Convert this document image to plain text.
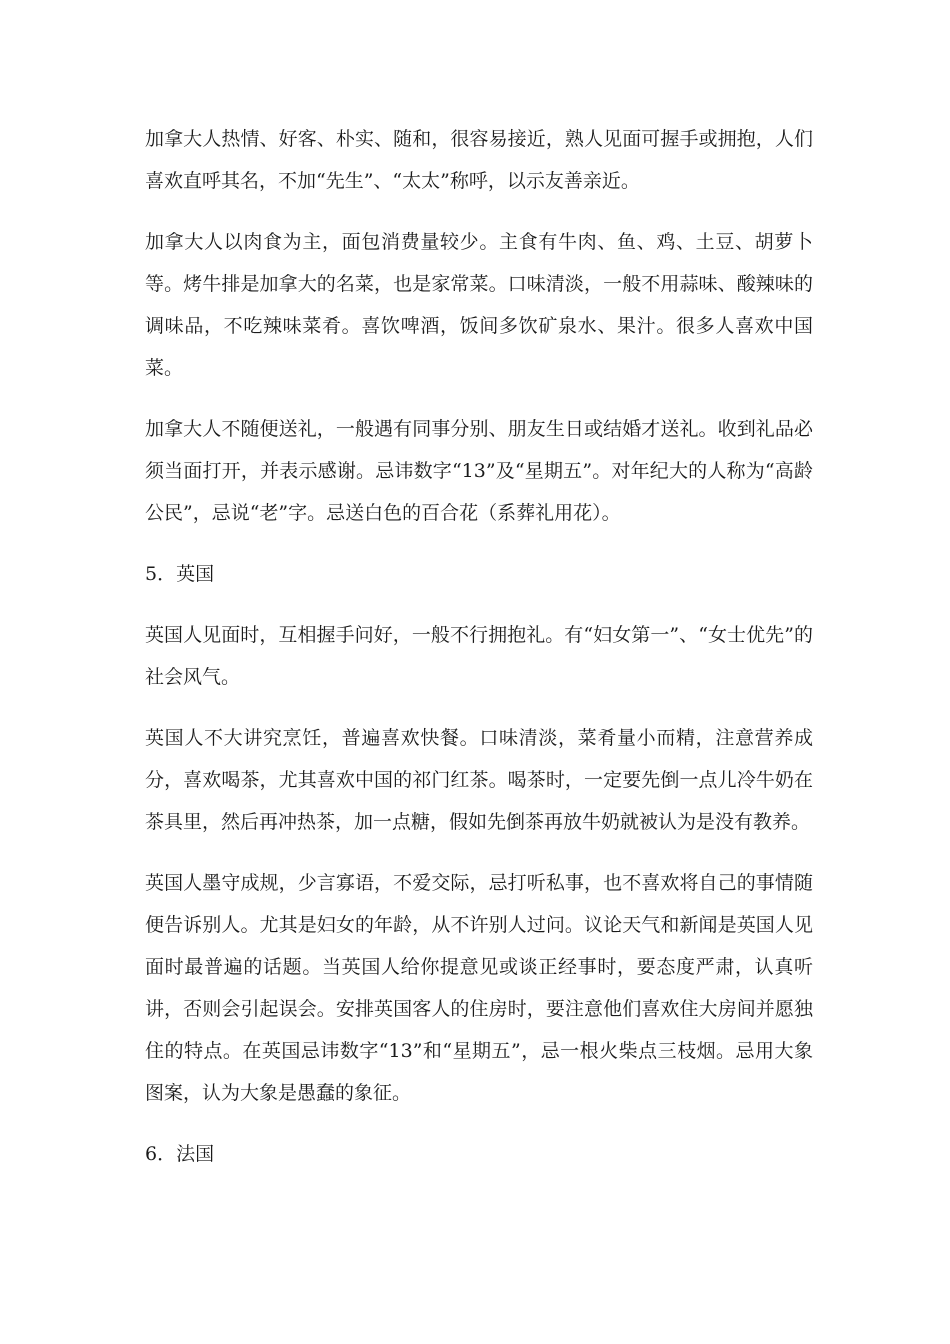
加拿大人热情、好客、朴实、随和，很容易接近，熟人见面可握手或拥抱，人们喜欢直呼其名，不加“先生”、“太太”称呼，以示友善亲近。

加拿大人以肉食为主，面包消费量较少。主食有牛肉、鱼、鸡、土豆、胡萝卜等。烤牛排是加拿大的名菜，也是家常菜。口味清淡，一般不用蒜味、酸辣味的调味品，不吃辣味菜肴。喜饮啤酒，饭间多饮矿泉水、果汁。很多人喜欢中国菜。

加拿大人不随便送礼，一般遇有同事分别、朋友生日或结婚才送礼。收到礼品必须当面打开，并表示感谢。忌讳数字“13”及“星期五”。对年纪大的人称为“高龄公民”，忌说“老”字。忌送白色的百合花（系葬礼用花）。

5．英国

英国人见面时，互相握手问好，一般不行拥抱礼。有“妇女第一”、“女士优先”的社会风气。

英国人不大讲究烹饪，普遍喜欢快餐。口味清淡，菜肴量小而精，注意营养成分，喜欢喝茶，尤其喜欢中国的祁门红茶。喝茶时，一定要先倒一点儿冷牛奶在茶具里，然后再冲热茶，加一点糖，假如先倒茶再放牛奶就被认为是没有教养。

英国人墨守成规，少言寡语，不爱交际，忌打听私事，也不喜欢将自己的事情随便告诉别人。尤其是妇女的年龄，从不许别人过问。议论天气和新闻是英国人见面时最普遍的话题。当英国人给你提意见或谈正经事时，要态度严肃，认真听讲，否则会引起误会。安排英国客人的住房时，要注意他们喜欢住大房间并愿独住的特点。在英国忌讳数字“13”和“星期五”，忌一根火柴点三枝烟。忌用大象图案，认为大象是愚蠢的象征。

6．法国
